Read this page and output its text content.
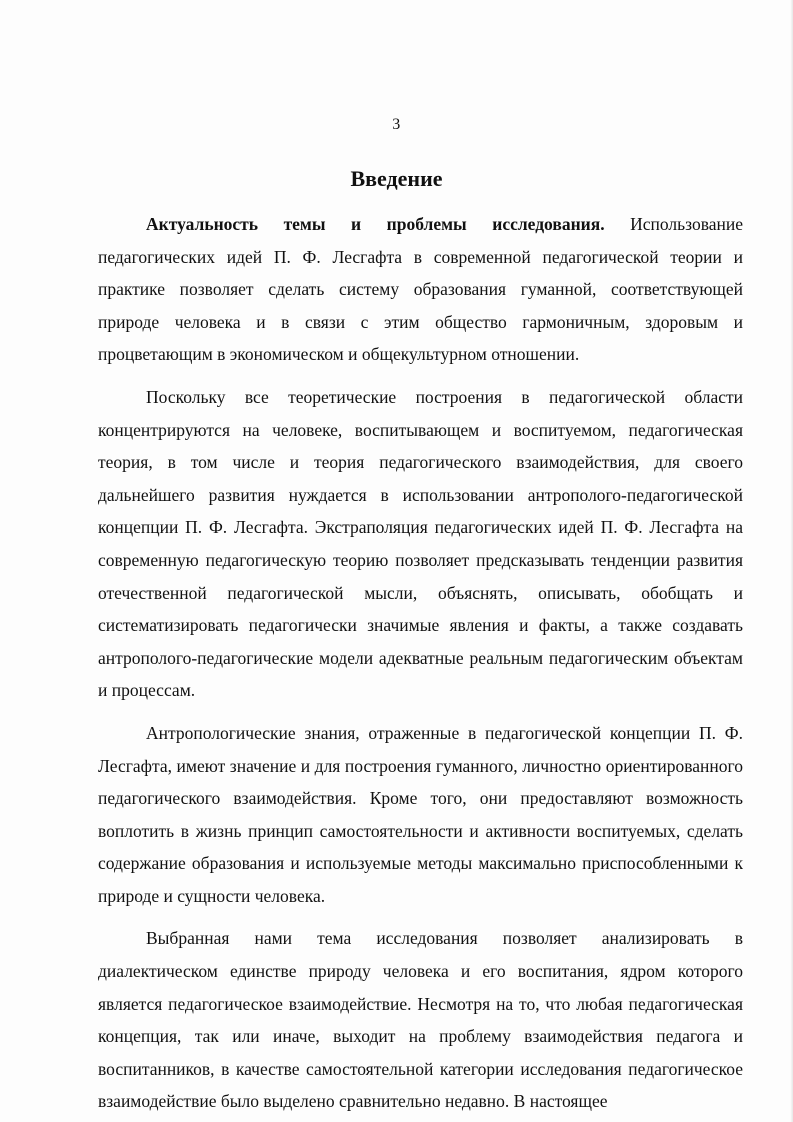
3
Введение

Актуальность темы и проблемы исследования. Использование педагогических идей П. Ф. Лесгафта в современной педагогической теории и практике позволяет сделать систему образования гуманной, соответствующей природе человека и в связи с этим общество гармоничным, здоровым и процветающим в экономическом и общекультурном отношении.

Поскольку все теоретические построения в педагогической области концентрируются на человеке, воспитывающем и воспитуемом, педагогическая теория, в том числе и теория педагогического взаимодействия, для своего дальнейшего развития нуждается в использовании антрополого-педагогической концепции П. Ф. Лесгафта. Экстраполяция педагогических идей П. Ф. Лесгафта на современную педагогическую теорию позволяет предсказывать тенденции развития отечественной педагогической мысли, объяснять, описывать, обобщать и систематизировать педагогически значимые явления и факты, а также создавать антрополого-педагогические модели адекватные реальным педагогическим объектам и процессам.

Антропологические знания, отраженные в педагогической концепции П. Ф. Лесгафта, имеют значение и для построения гуманного, личностно ориентированного педагогического взаимодействия. Кроме того, они предоставляют возможность воплотить в жизнь принцип самостоятельности и активности воспитуемых, сделать содержание образования и используемые методы максимально приспособленными к природе и сущности человека.

Выбранная нами тема исследования позволяет анализировать в диалектическом единстве природу человека и его воспитания, ядром которого является педагогическое взаимодействие. Несмотря на то, что любая педагогическая концепция, так или иначе, выходит на проблему взаимодействия педагога и воспитанников, в качестве самостоятельной категории исследования педагогическое взаимодействие было выделено сравнительно недавно. В настоящее
